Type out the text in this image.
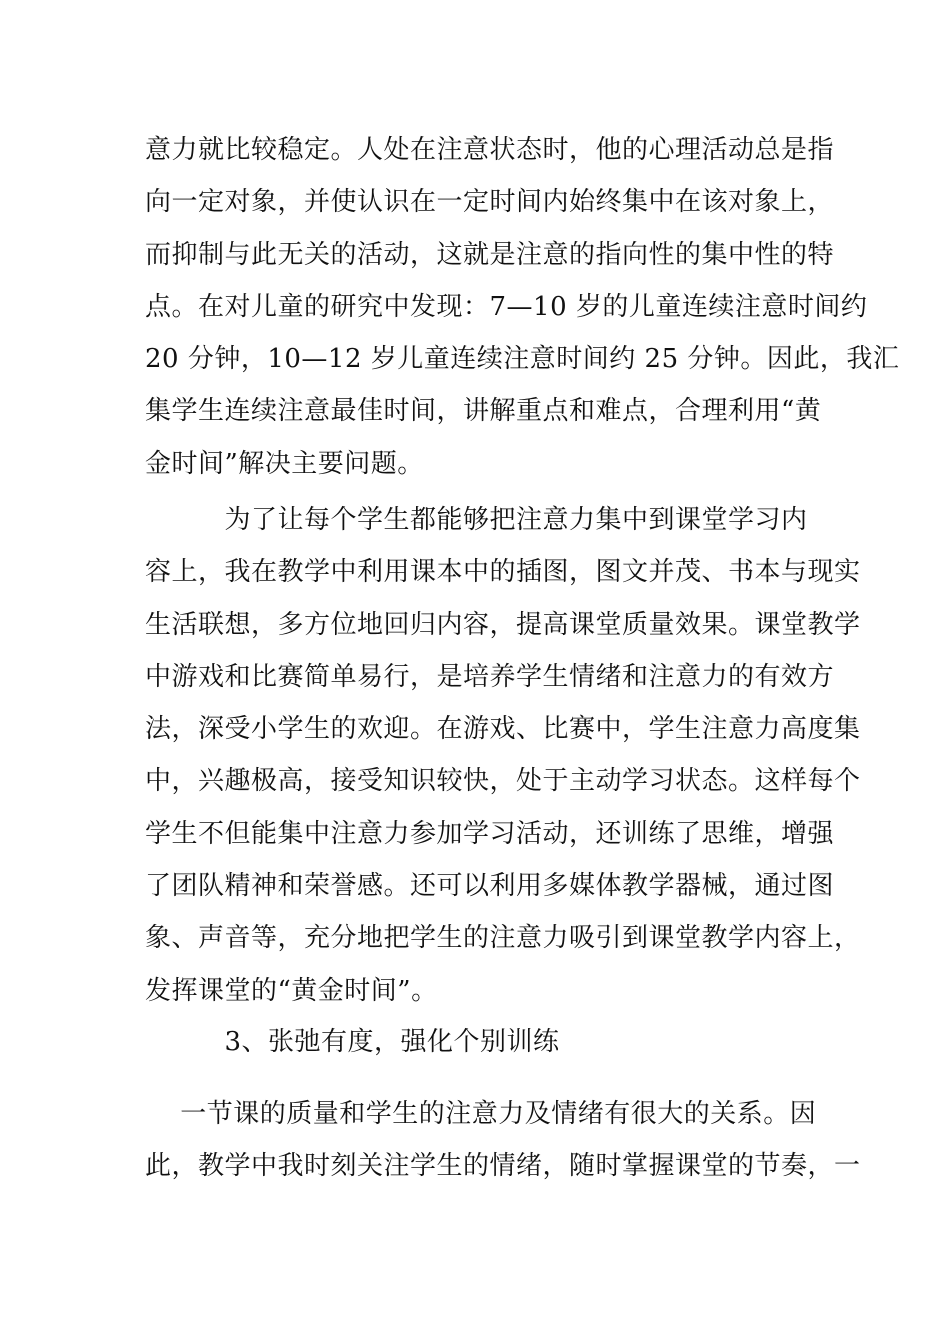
意力就比较稳定。人处在注意状态时，他的心理活动总是指
向一定对象，并使认识在一定时间内始终集中在该对象上，
而抑制与此无关的活动，这就是注意的指向性的集中性的特
点。在对儿童的研究中发现：7—10 岁的儿童连续注意时间约
20 分钟，10—12 岁儿童连续注意时间约 25 分钟。因此，我汇
集学生连续注意最佳时间，讲解重点和难点，合理利用“黄
金时间”解决主要问题。
　　　为了让每个学生都能够把注意力集中到课堂学习内
容上，我在教学中利用课本中的插图，图文并茂、书本与现实
生活联想，多方位地回归内容，提高课堂质量效果。课堂教学
中游戏和比赛简单易行，是培养学生情绪和注意力的有效方
法，深受小学生的欢迎。在游戏、比赛中，学生注意力高度集
中，兴趣极高，接受知识较快，处于主动学习状态。这样每个
学生不但能集中注意力参加学习活动，还训练了思维，增强
了团队精神和荣誉感。还可以利用多媒体教学器械，通过图
象、声音等，充分地把学生的注意力吸引到课堂教学内容上，
发挥课堂的“黄金时间”。
　　　3、张弛有度，强化个别训练
　 一节课的质量和学生的注意力及情绪有很大的关系。因
此，教学中我时刻关注学生的情绪，随时掌握课堂的节奏，一
